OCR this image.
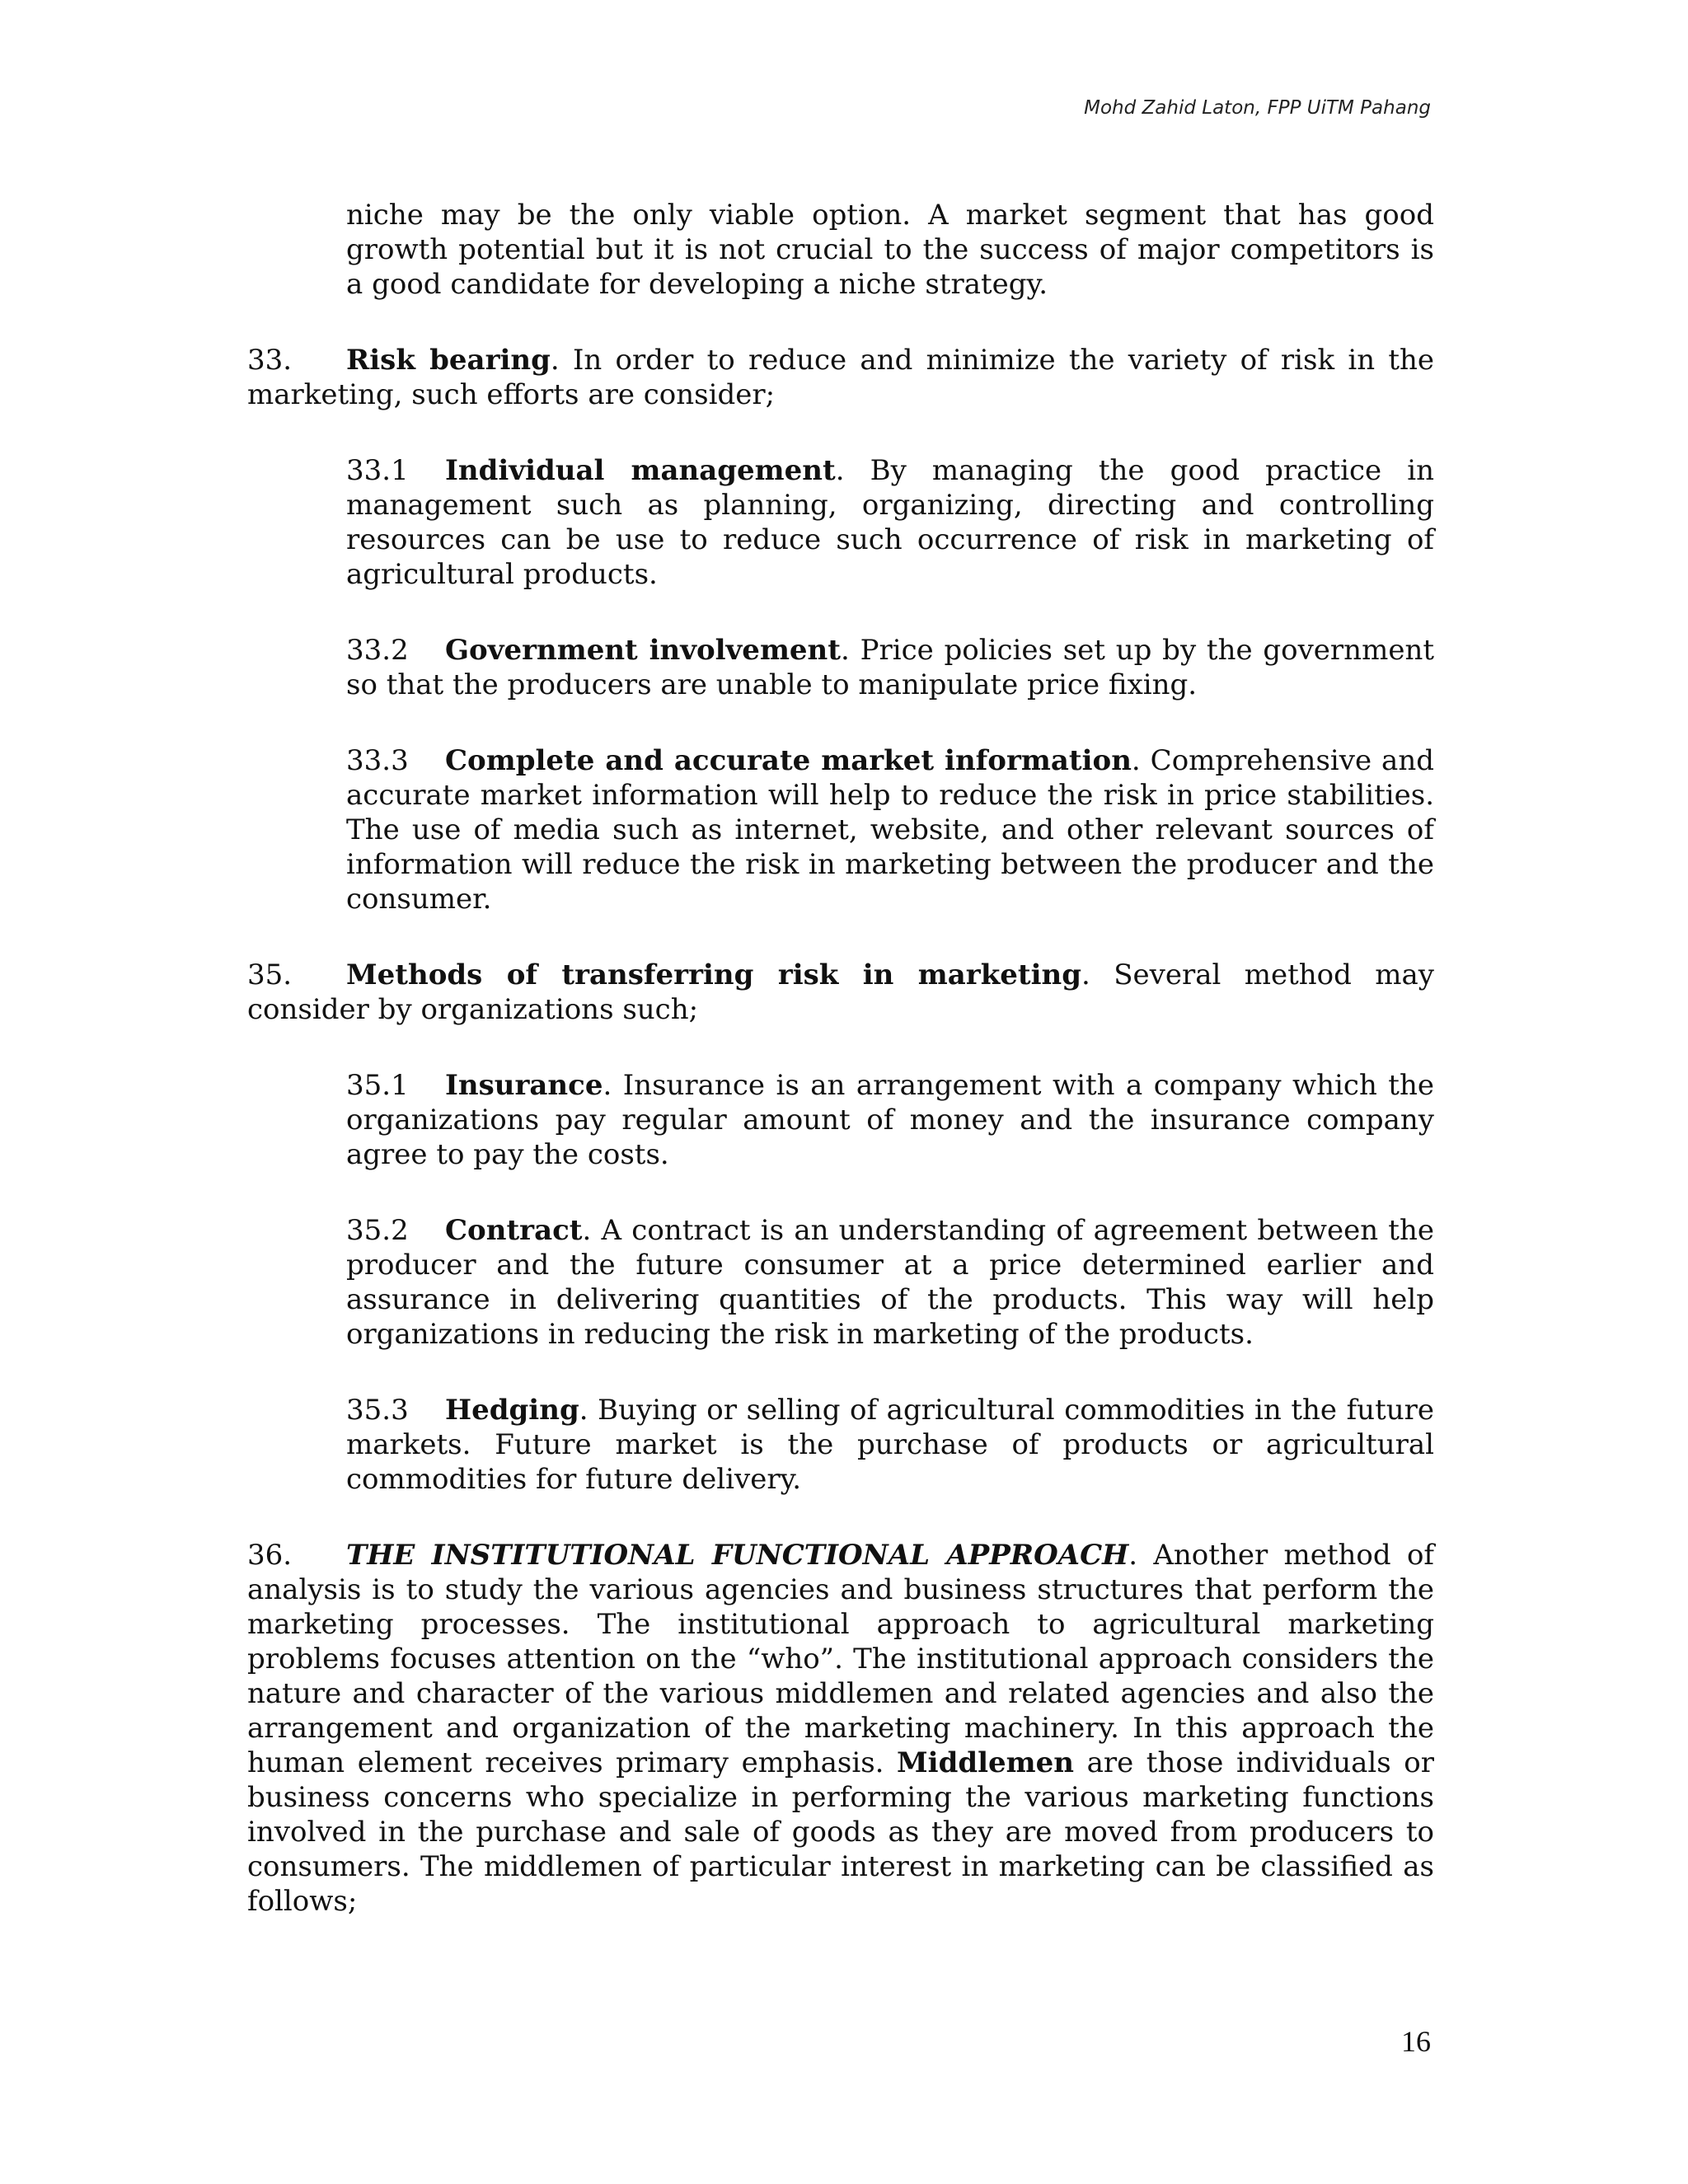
Mohd Zahid Laton, FPP UiTM Pahang

niche may be the only viable option. A market segment that has good growth potential but it is not crucial to the success of major competitors is a good candidate for developing a niche strategy.

33. Risk bearing. In order to reduce and minimize the variety of risk in the marketing, such efforts are consider;

33.1 Individual management. By managing the good practice in management such as planning, organizing, directing and controlling resources can be use to reduce such occurrence of risk in marketing of agricultural products.

33.2 Government involvement. Price policies set up by the government so that the producers are unable to manipulate price fixing.

33.3 Complete and accurate market information. Comprehensive and accurate market information will help to reduce the risk in price stabilities. The use of media such as internet, website, and other relevant sources of information will reduce the risk in marketing between the producer and the consumer.

35. Methods of transferring risk in marketing. Several method may consider by organizations such;

35.1 Insurance. Insurance is an arrangement with a company which the organizations pay regular amount of money and the insurance company agree to pay the costs.

35.2 Contract. A contract is an understanding of agreement between the producer and the future consumer at a price determined earlier and assurance in delivering quantities of the products. This way will help organizations in reducing the risk in marketing of the products.

35.3 Hedging. Buying or selling of agricultural commodities in the future markets. Future market is the purchase of products or agricultural commodities for future delivery.

36. THE INSTITUTIONAL FUNCTIONAL APPROACH. Another method of analysis is to study the various agencies and business structures that perform the marketing processes. The institutional approach to agricultural marketing problems focuses attention on the “who”. The institutional approach considers the nature and character of the various middlemen and related agencies and also the arrangement and organization of the marketing machinery. In this approach the human element receives primary emphasis. Middlemen are those individuals or business concerns who specialize in performing the various marketing functions involved in the purchase and sale of goods as they are moved from producers to consumers. The middlemen of particular interest in marketing can be classified as follows;

16
